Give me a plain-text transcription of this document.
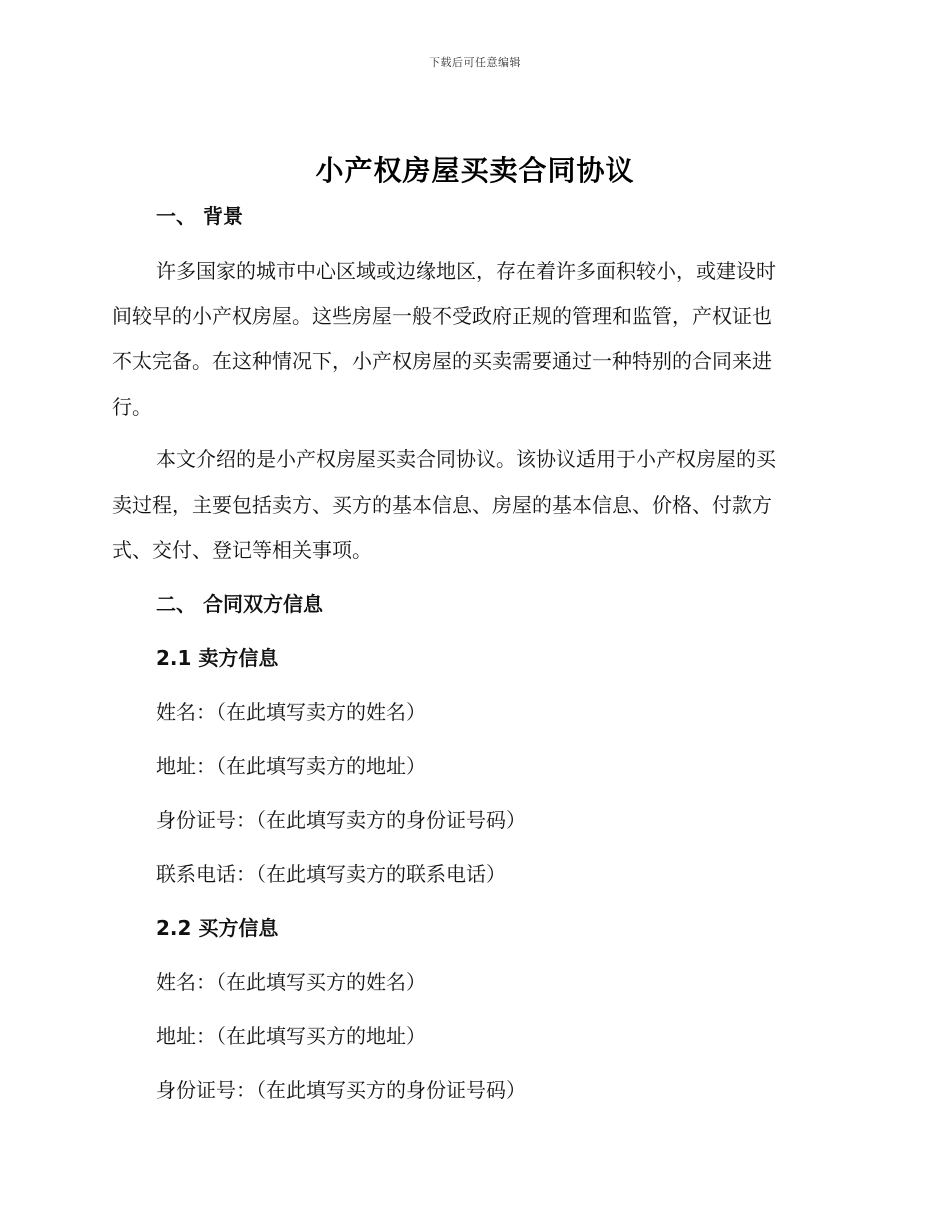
下载后可任意编辑
小产权房屋买卖合同协议
一、 背景
许多国家的城市中心区域或边缘地区，存在着许多面积较小，或建设时
间较早的小产权房屋。这些房屋一般不受政府正规的管理和监管，产权证也
不太完备。在这种情况下，小产权房屋的买卖需要通过一种特别的合同来进
行。
本文介绍的是小产权房屋买卖合同协议。该协议适用于小产权房屋的买
卖过程，主要包括卖方、买方的基本信息、房屋的基本信息、价格、付款方
式、交付、登记等相关事项。
二、 合同双方信息
2.1 卖方信息
姓名：（在此填写卖方的姓名）
地址：（在此填写卖方的地址）
身份证号：（在此填写卖方的身份证号码）
联系电话：（在此填写卖方的联系电话）
2.2 买方信息
姓名：（在此填写买方的姓名）
地址：（在此填写买方的地址）
身份证号：（在此填写买方的身份证号码）
